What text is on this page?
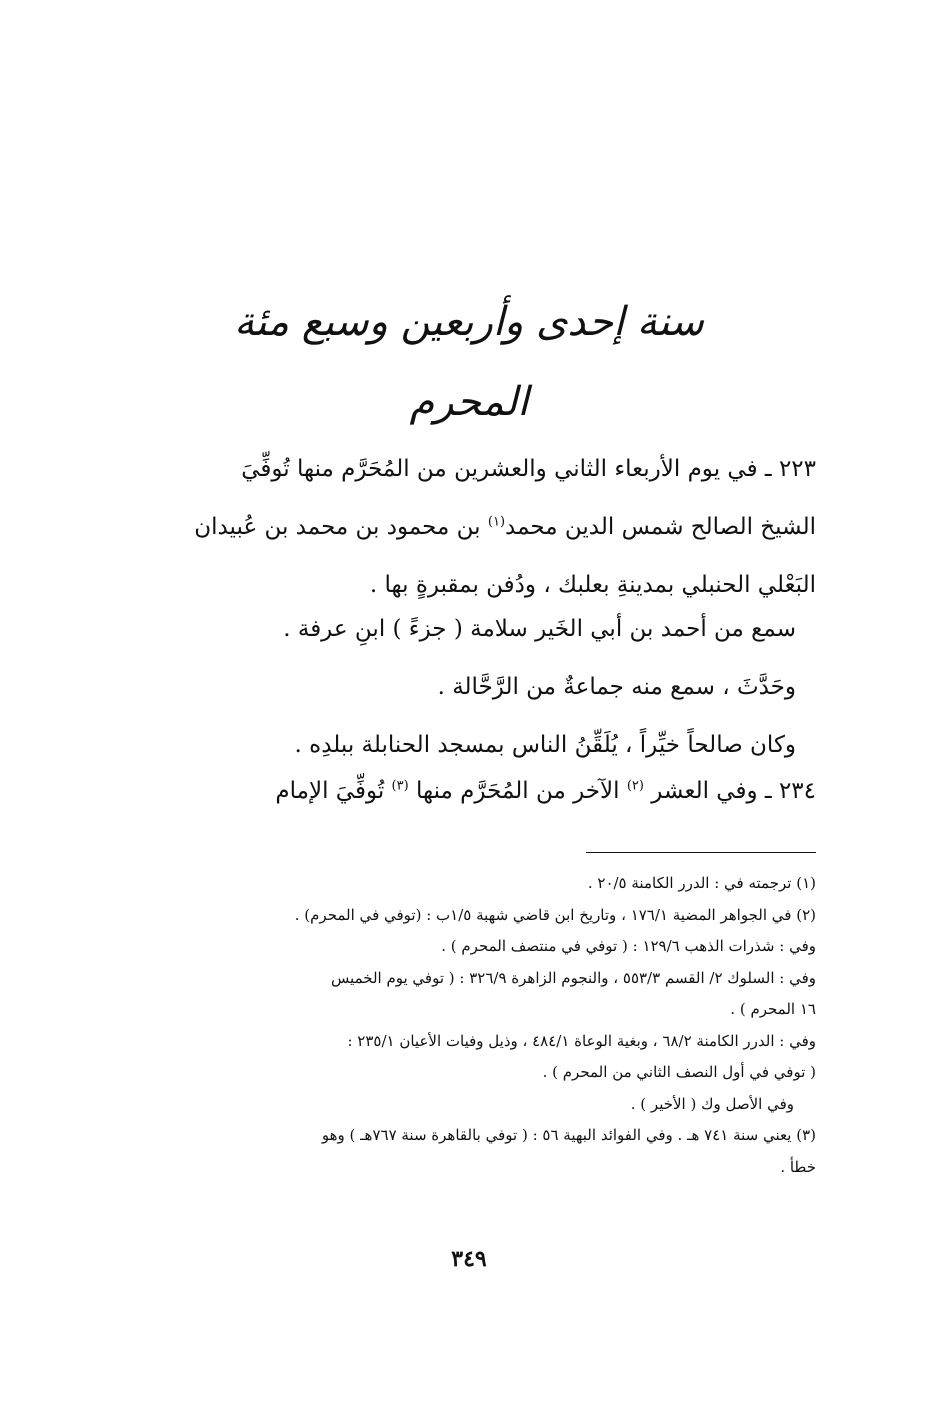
سنة إحدى وأربعين وسبع مئة
المحرم
٢٢٣ ـ في يوم الأربعاء الثاني والعشرين من المُحَرَّم منها تُوفِّيَ
الشيخ الصالح شمس الدين محمد$^{(١)}$ بن محمود بن محمد بن عُبيدان
البَعْلي الحنبلي بمدينةِ بعلبك ، ودُفن بمقبرةٍ بها .
سمع من أحمد بن أبي الخَير سلامة ( جزءً ) ابنِ عرفة .
وحَدَّثَ ، سمع منه جماعةٌ من الرَّحَّالة .
وكان صالحاً خيِّراً ، يُلَقِّنُ الناس بمسجد الحنابلة ببلدِه .
٢٣٤ ـ وفي العشر $^{(٢)}$ الآخر من المُحَرَّم منها $^{(٣)}$ تُوفِّيَ الإمام
(١) ترجمته في : الدرر الكامنة ٢٠/٥ .
(٢) في الجواهر المضية ١٧٦/١ ، وتاريخ ابن قاضي شهبة ١/٥ب : (توفي في المحرم) .
وفي : شذرات الذهب ١٢٩/٦ : ( توفي في منتصف المحرم ) .
وفي : السلوك ٢/ القسم ٥٥٣/٣ ، والنجوم الزاهرة ٣٢٦/٩ : ( توفي يوم الخميس
١٦ المحرم ) .
وفي : الدرر الكامنة ٦٨/٢ ، وبغية الوعاة ٤٨٤/١ ، وذيل وفيات الأعيان ٢٣٥/١ :
( توفي في أول النصف الثاني من المحرم ) .
وفي الأصل وك ( الأخير ) .
(٣) يعني سنة ٧٤١ هـ . وفي الفوائد البهية ٥٦ : ( توفي بالقاهرة سنة ٧٦٧هـ ) وهو
خطأ .
٣٤٩
